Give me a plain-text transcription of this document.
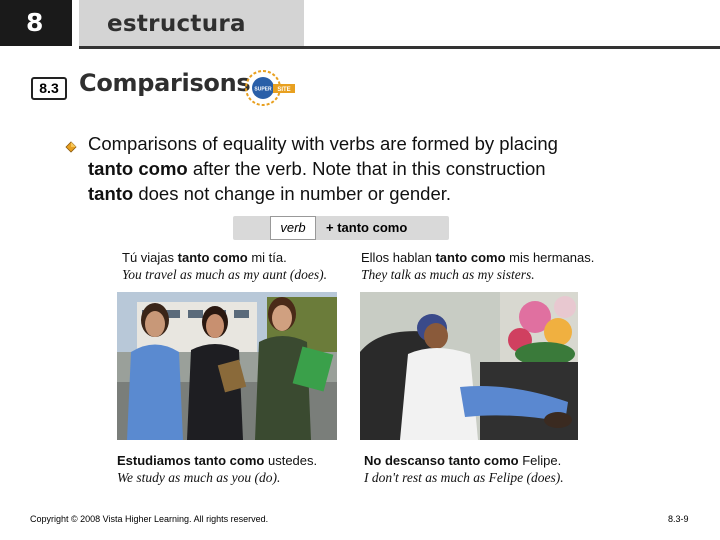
8	estructura
8.3 Comparisons SUPER SITE
Comparisons of equality with verbs are formed by placing
tanto como after the verb. Note that in this construction
tanto does not change in number or gender.
verb	+ tanto como
Tú viajas tanto como mi tía.
You travel as much as my aunt (does).
Ellos hablan tanto como mis hermanas.
They talk as much as my sisters.
Estudiamos tanto como ustedes.
We study as much as you (do).
No descanso tanto como Felipe.
I don't rest as much as Felipe (does).
Copyright © 2008 Vista Higher Learning. All rights reserved.	8.3-9
